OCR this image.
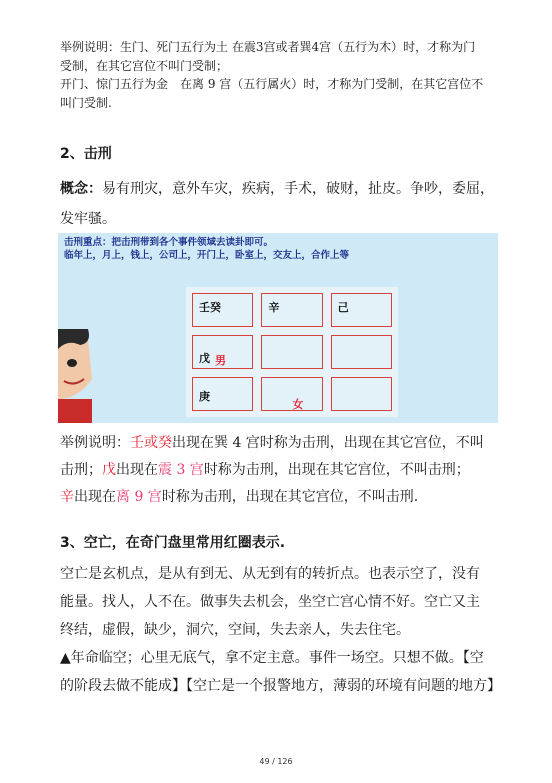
举例说明：生门、死门五行为土 在震3宫或者巽4宫（五行为木）时，才称为门
受制，在其它宫位不叫门受制；
开门、惊门五行为金　在离 9 宫（五行属火）时，才称为门受制，在其它宫位不
叫门受制.
2、击刑
概念：易有刑灾，意外车灾，疾病，手术，破财，扯皮。争吵，委屈，
发牢骚。
击刑重点：把击刑带到各个事件领域去读卦即可。
临年上，月上，钱上，公司上，开门上，卧室上，交友上，合作上等
壬癸	辛	己
戊 男
庚
女
举例说明：壬或癸出现在巽 4 宫时称为击刑，出现在其它宫位，不叫
击刑；戊出现在震 3 宫时称为击刑，出现在其它宫位，不叫击刑；
辛出现在离 9 宫时称为击刑，出现在其它宫位，不叫击刑.
3、空亡，在奇门盘里常用红圈表示.
空亡是玄机点，是从有到无、从无到有的转折点。也表示空了，没有
能量。找人，人不在。做事失去机会，坐空亡宫心情不好。空亡又主
终结，虚假，缺少，洞穴，空间，失去亲人，失去住宅。
▲年命临空；心里无底气，拿不定主意。事件一场空。只想不做。【空
的阶段去做不能成】【空亡是一个报警地方，薄弱的环境有问题的地方】
49 / 126
